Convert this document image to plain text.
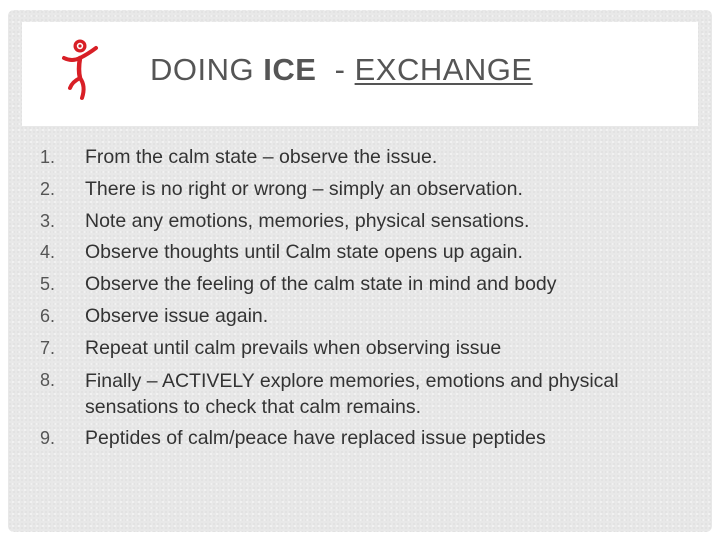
DOING ICE  - EXCHANGE
1.	From the calm state – observe the issue.
2.	There is no right or wrong – simply an observation.
3.	Note any emotions, memories, physical sensations.
4.	Observe thoughts until Calm state opens up again.
5.	Observe the feeling of the calm state in mind and body
6.	Observe issue again.
7.	Repeat until calm prevails when observing issue
8.	Finally – ACTIVELY explore memories, emotions and physical sensations to check that calm remains.
9.	Peptides of calm/peace have replaced issue peptides
